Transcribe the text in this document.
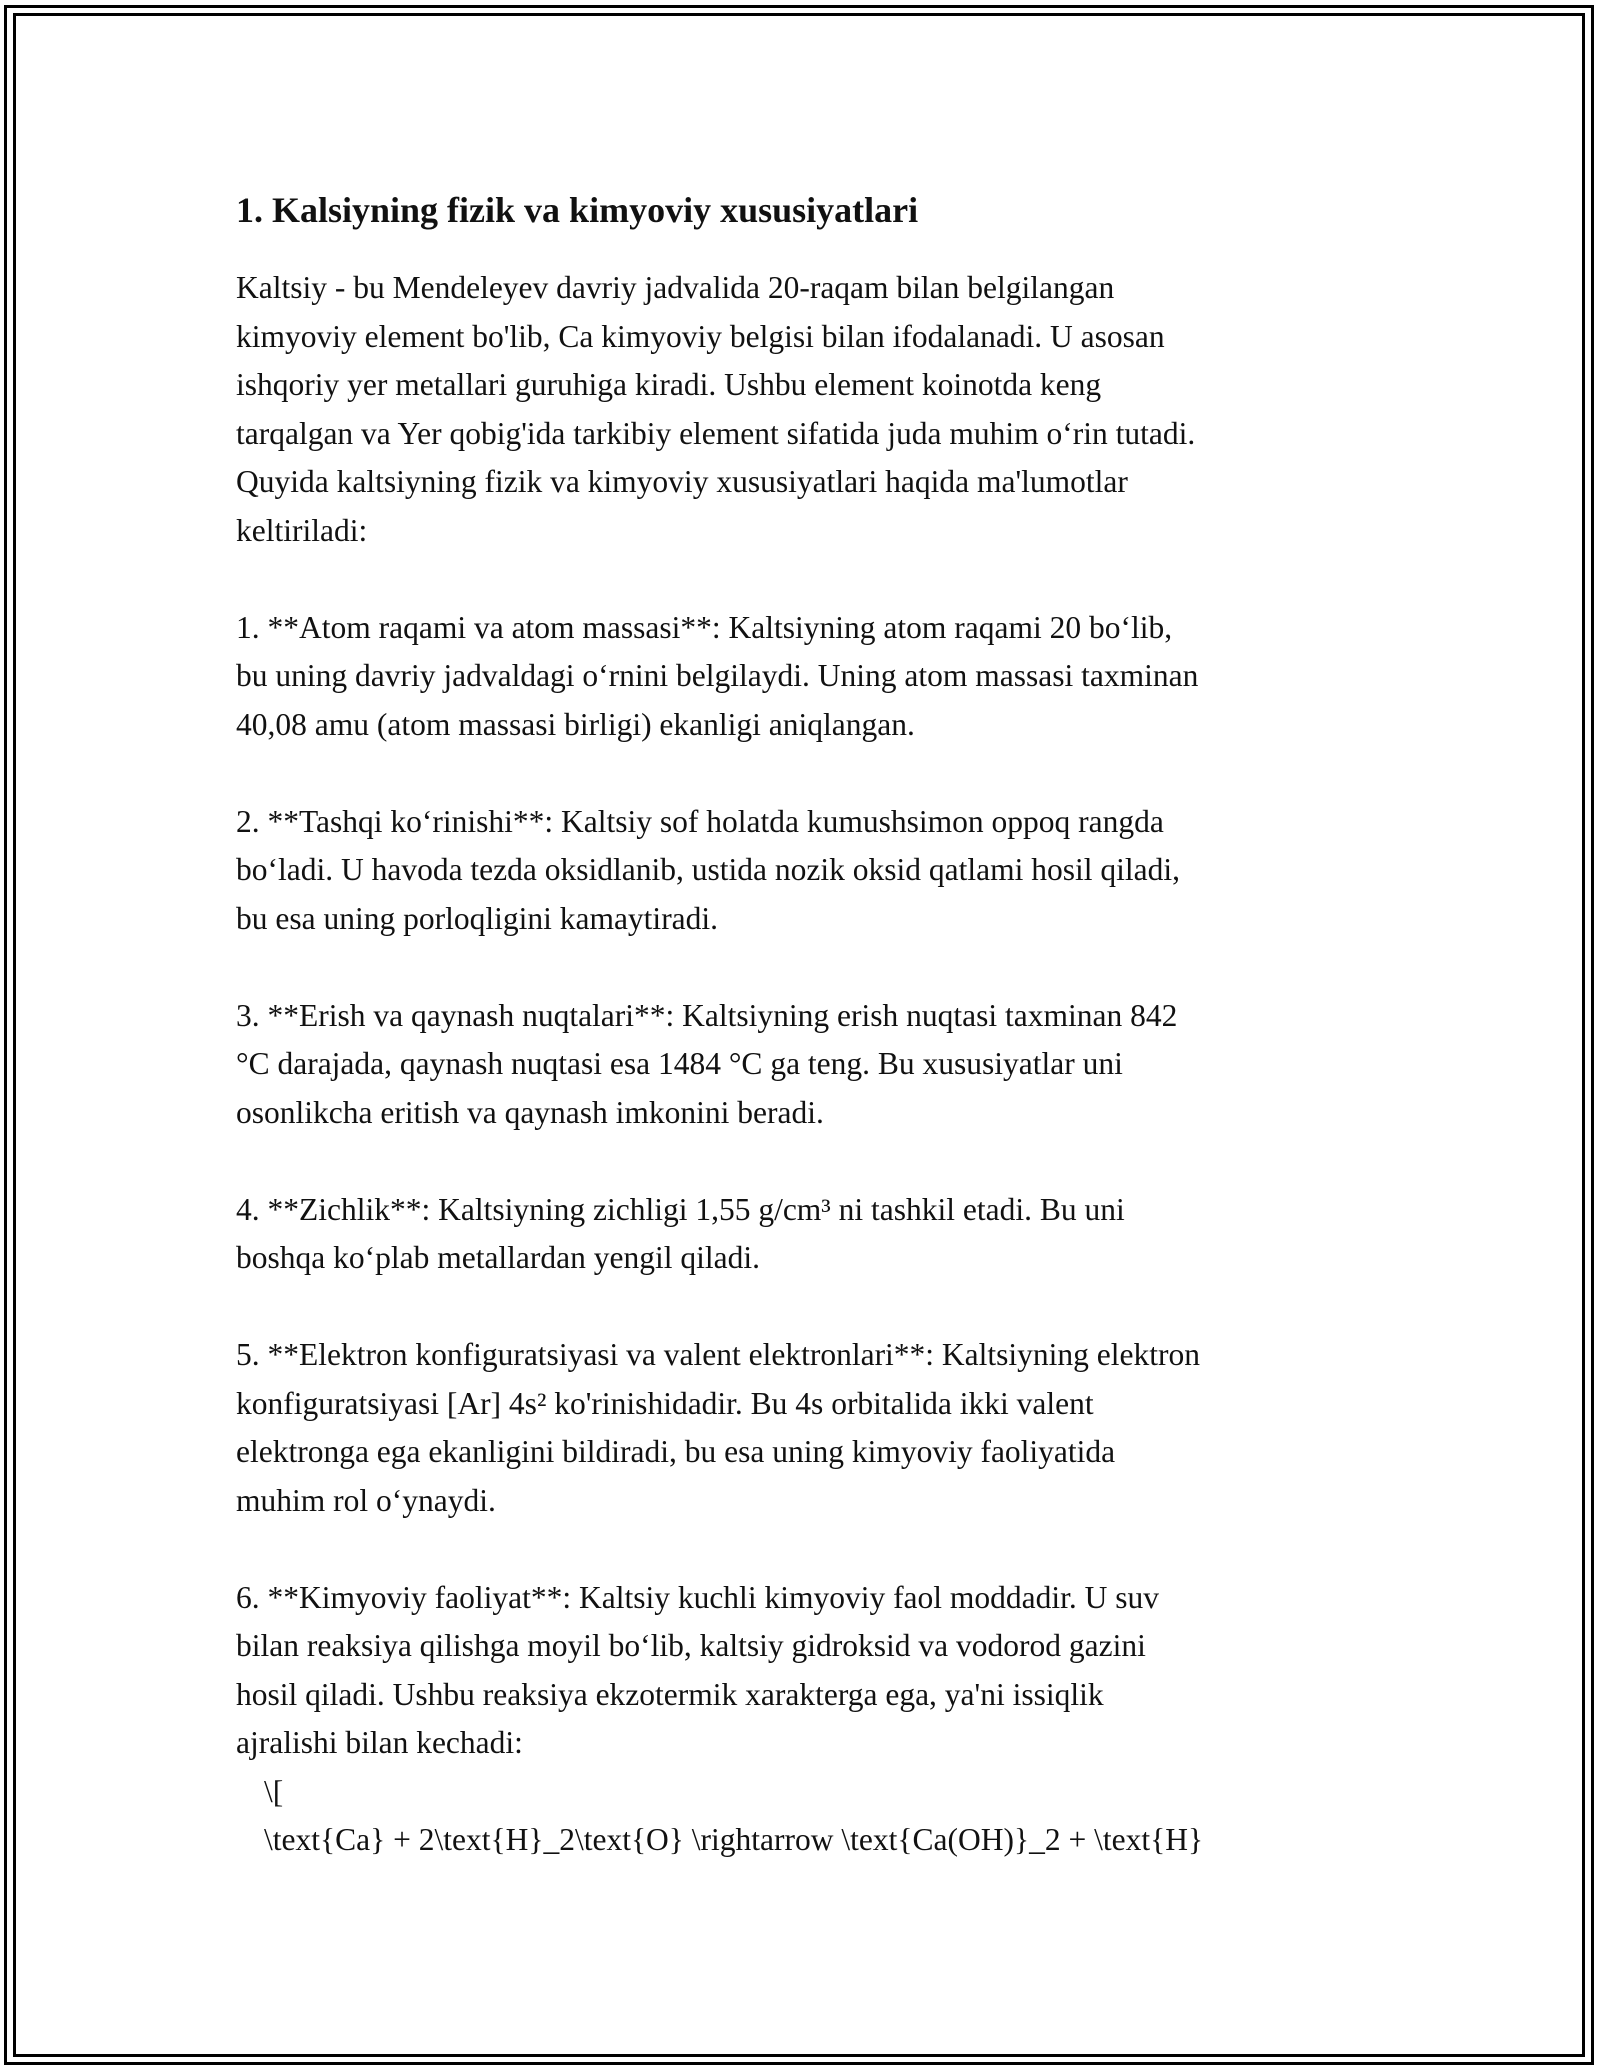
1. Kalsiyning fizik va kimyoviy xususiyatlari

Kaltsiy - bu Mendeleyev davriy jadvalida 20-raqam bilan belgilangan
kimyoviy element bo'lib, Ca kimyoviy belgisi bilan ifodalanadi. U asosan
ishqoriy yer metallari guruhiga kiradi. Ushbu element koinotda keng
tarqalgan va Yer qobig'ida tarkibiy element sifatida juda muhim o‘rin tutadi.
Quyida kaltsiyning fizik va kimyoviy xususiyatlari haqida ma'lumotlar
keltiriladi:

1. **Atom raqami va atom massasi**: Kaltsiyning atom raqami 20 bo‘lib,
bu uning davriy jadvaldagi o‘rnini belgilaydi. Uning atom massasi taxminan
40,08 amu (atom massasi birligi) ekanligi aniqlangan.

2. **Tashqi ko‘rinishi**: Kaltsiy sof holatda kumushsimon oppoq rangda
bo‘ladi. U havoda tezda oksidlanib, ustida nozik oksid qatlami hosil qiladi,
bu esa uning porloqligini kamaytiradi.

3. **Erish va qaynash nuqtalari**: Kaltsiyning erish nuqtasi taxminan 842
°C darajada, qaynash nuqtasi esa 1484 °C ga teng. Bu xususiyatlar uni
osonlikcha eritish va qaynash imkonini beradi.

4. **Zichlik**: Kaltsiyning zichligi 1,55 g/cm³ ni tashkil etadi. Bu uni
boshqa ko‘plab metallardan yengil qiladi.

5. **Elektron konfiguratsiyasi va valent elektronlari**: Kaltsiyning elektron
konfiguratsiyasi [Ar] 4s² ko'rinishidadir. Bu 4s orbitalida ikki valent
elektronga ega ekanligini bildiradi, bu esa uning kimyoviy faoliyatida
muhim rol o‘ynaydi.

6. **Kimyoviy faoliyat**: Kaltsiy kuchli kimyoviy faol moddadir. U suv
bilan reaksiya qilishga moyil bo‘lib, kaltsiy gidroksid va vodorod gazini
hosil qiladi. Ushbu reaksiya ekzotermik xarakterga ega, ya'ni issiqlik
ajralishi bilan kechadi:
\[
\text{Ca} + 2\text{H}_2\text{O} \rightarrow \text{Ca(OH)}_2 + \text{H}
